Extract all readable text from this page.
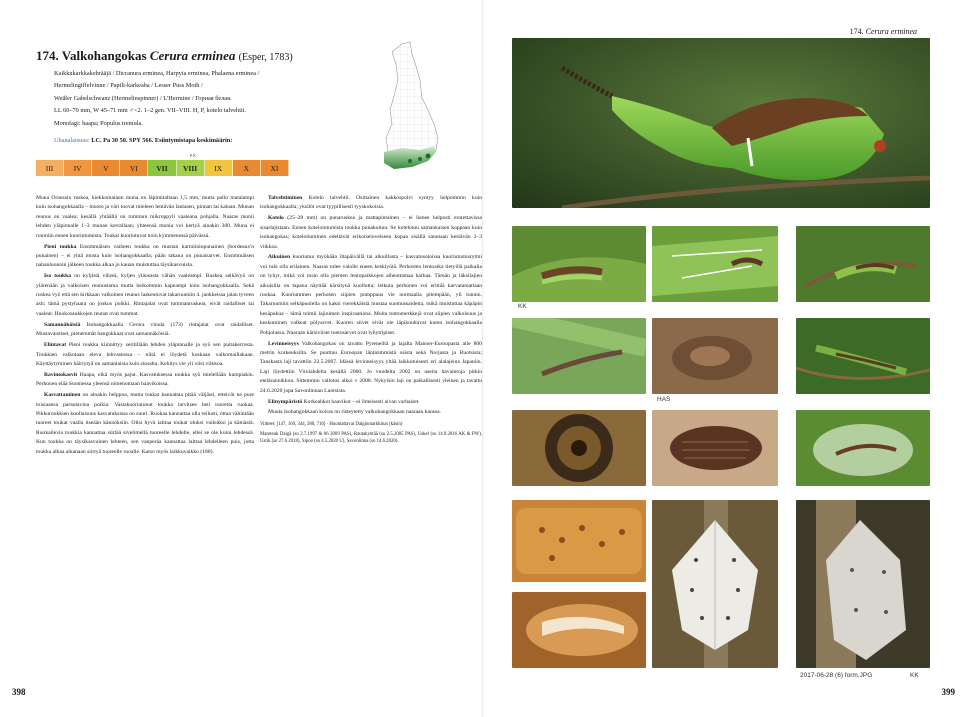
174. Valkohangokas Cerura erminea (Esper, 1783)
Kaikkukarkkakehrääjä / Dicranura erminea, Harpyia erminea, Phalaena erminea /
Hermelingiffelvinne / Papili-karkeaba / Lesser Puss Moth /
Weißer Gabelschwanz (Hermelinspinner) / L'Hermine / Горная белая.
LL 60–70 mm, W 45–71 mm ♂<2. 1–2 gen. VII–VIII. H, P, kotelo talvehtii.
Monofagi: haapa; Populus tremula.
Uhanalaisuus: LC. Pa 30 50. SPY 566. Esiintymistapa keskimäärin:
P K
III	IV	V	VI	VII	VIII	IX	X	XI

Muna Oranssin ruskea, kiekkomainen muna on läpimitaltaan 1,5 mm, mutta pallo matalampi kuin isohangokkaalla – muoto ja väri tuovat mieleen lentävän lautasen, pinnan tai kaluan. Munan reunus on vaalea; kesällä yhtäällä on rummun mikroppyli vaaleana pohjalla. Naaras munii lehden yläpinnalle 1–3 munan kerrallaan; yhteensä munia voi kertyä ainakin 300. Muna ei ruumiin ennen kuorintumista. Toukat kuoriutuvat noin kymmenessä päivässä.

Pieni toukka Ensimmäisen vaiheen toukka on mustan karmiininpunainen (bordeaux'n punainen) – ei yhtä musta kuin isohangokkaalla; pään takana on punaisarvet. Ensimmäisen nahanluonnin jälkeen toukka alkaa jo kauan muistuttaa täysikasvuista.

Iso toukka on kyljistä vihreä, kyljen yläosasta vähän vaaleampi. Ruskea selkävyö on ylärenään ja valkoisen reunustama mutta heikommin kapeampi kuin isohangokkaalla. Sekä ruskea vyö että sen kirkkaan valkoinen reunus laskeutuvat takaruumiin 4. jaokkeissa jalan tyveen asti; tämä pystyhaara on joskus poikki. Rintajalat ovat tummanruskeat, eivät raidalliset tai vaaleat. Huokosaukkojen reunat ovat tummat.

Samannäköisiä Isohangokkaalla Cerura vinula (173) rintajalat ovat raidalliset. Mustavaistiset, pienemmät hangokkaat ovat samannäköisiä.

Elintavat Pieni toukka kiinnittyy seritillään lehden yläpinnalle ja syö sen puitakerrosta. Toukkien valkotaan eleva lehvastossa – niitä ei löydetä koskaan valkomaillakaan. Käyttäytyminen häiriytyä on samanlaista kuin siosalta. Kehitys vie yli viisi viikkoa.

Ravintokasvit Haapa, eikä myös pajut. Kasvatuksessa toukka syö mielellään kumpiakin. Perhonen elää Suomessa yleensä nimenomaan haavikoissa.

Kasvattaminen on ainakin helppoa, mutta toukat kannattaa pitää väljästi, etteivät ne pure toisiaansa parantavina poikia. Vastakuoriutunut toukka tarvitsee heti tuoretta ruokaa. Pikkuroukkien kuollaisuus kasvatuksissa on suuri. Ruokaa kannattaa olla reilusti, ottaa vähintään tuoreet toukat vaalla itseään kännöksiin. Olisi hyvä laittaa toukat oluksi vuileäksi ja kämästä. Ruokailevia toukkia kannattaa siirtää sivelimellä tuoreelle lehdelle, ellei se ole kuini lehdessä. Kun toukka on täysikasvuinen lehteen, sen vanperäa kannattaa laittaa lehdelleen puis, jotta toukka alkaa aikanaan siirtyä tuoreelle ruoalle. Katso myös laikkuvaikko (180).

Talvehtiminen Kotelo talvehtii. Osittainen kakkospolvi syntyy helpommin kuin isohangokkaalla; yksilöt ovat tyypillisesti tyyskokoisia.

Kotelo (25–28 mm) on punaruskea ja mattapintainen – ei lienee helposti erotettavissa sisarlajistaan. Ennen kotelointumista toukka punakoituu. Se kotelotuu samankaisen koppaan kuin isohangokas; koteloituminen edeltävät erikoiselovelseen kopan sisällä sanotaan kestävän 2–3 viikkoa.

Aikuinen kuoriutuu myöhään iltapäivällä tai alkuillasta – kasvatusoloissa kuoriutumisrytmi voi tuki olla erilainen. Naaras tulee valolle eneen keskiyötä. Perhosten lentoaika tietyillä paikalla on lyhyt, mikä voi tosin olla pienten lentopaikkojen aiheuttamaa harhaa. Tämän ja läksilajien aikuisilla on tapana näyttää kärsitynä kuollutta; letkuta perhonen voi erittää karvatamattaan ruokaa. Kuoriutumen perhosen siipien pumppaus vie normaalia pitempään, yli tunnin. Takaruumiin selkäpuolella on kaksi vierekkäistä mustaa suomussaidetta, mikä muistuttaa käpäpin kesäpukua – tämä toimii lajinimen inspiraationa. Muita tuntomerkkejä ovat siipien valkoisuus ja keskuminen valkeat pölyarvet. Kuoren siivet eivät ole läpikuultavat kuten isohangokkaalla Pohjolassa. Naaraan kärsiviiset tuntosarvet ovat lyhytripiset.

Levinneisyys Valkohangokas on tavattu Pyreneiltä ja lajalta Manner-Euroopasta alle 800 metrin korkeuksilta. Se puuttuu Euroopan läntisimmistä osista sekä Norjasta ja Ruotsista; Tanskasta laji tavattiin 22.5.2007. Idässä levinneisyys yltää laikkutuisesti eri alalajeina Japaniin. Laji löydettiin Virolahdelta kesällä 2000. Jo vuodelta 2002 on useita havaintoja pitkin etelärannikkoa. Sittemmin vallotus alkoi v 2008. Nykyisin laji on paikallisesti yleinen ja tavattu 24.6.2020 jopa Savonlinnan Luotsista.

Elinympäristö Korkeahkot haavikot – ei ilmeisesti aivan varhaiset.

Muuta Isohangokkaan koiras on risteytetty valkohangokkaan naaraan kanssa.

Viitteet: [147, 169, 344, 380, 716] · Huomattavat Dalginmarkkinat (käsin)
Mareteuk Dalgä (so 2.7.1997 & 06 2009 PAS), Rautakyntää (so 2.5.2005 PAS), Uskel (so 14.9.2016 AK & PW), Ustik (so 27.6.2018), Sipoo (so 4.5.2020 U), Savonlinna (so 14.6.2020).
398
174. Cerura erminea
KK
HAS
2017-06-28 (6) form.JPG	KK
399
